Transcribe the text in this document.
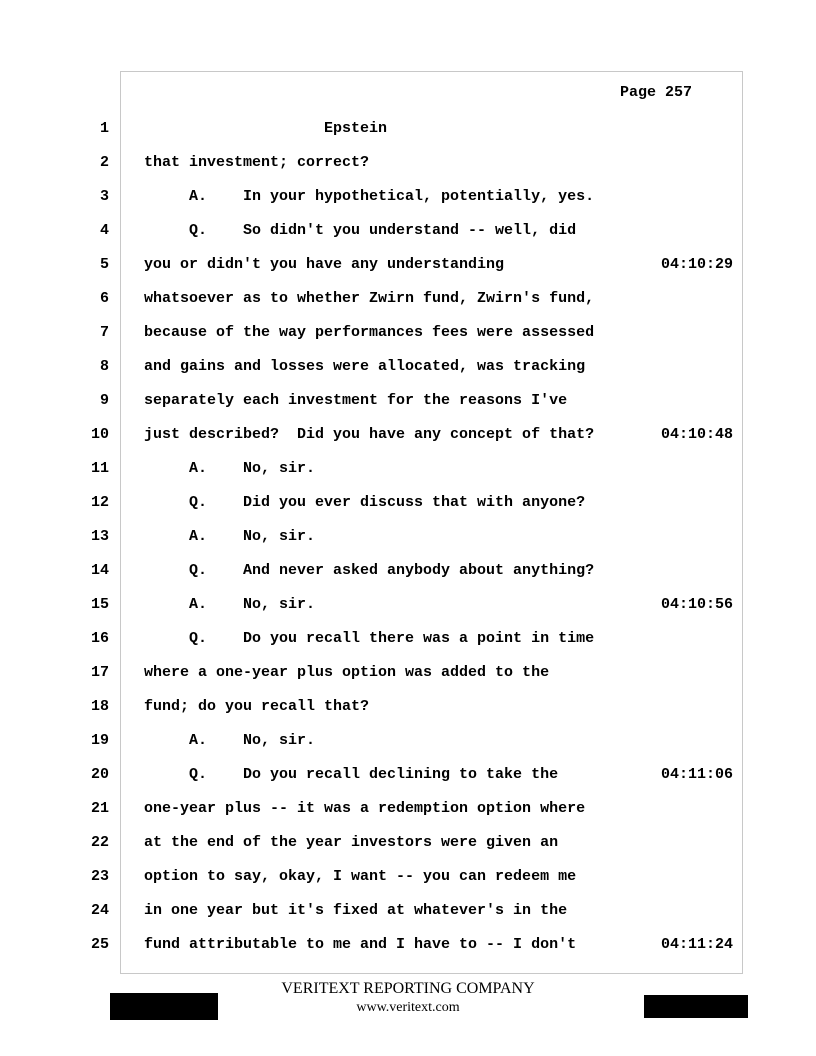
Page 257
1 Epstein
2 that investment; correct?
3 A.    In your hypothetical, potentially, yes.
4 Q.    So didn't you understand -- well, did
5 you or didn't you have any understanding	04:10:29
6 whatsoever as to whether Zwirn fund, Zwirn's fund,
7 because of the way performances fees were assessed
8 and gains and losses were allocated, was tracking
9 separately each investment for the reasons I've
10 just described?  Did you have any concept of that?	04:10:48
11 A.    No, sir.
12 Q.    Did you ever discuss that with anyone?
13 A.    No, sir.
14 Q.    And never asked anybody about anything?
15 A.    No, sir.	04:10:56
16 Q.    Do you recall there was a point in time
17 where a one-year plus option was added to the
18 fund; do you recall that?
19 A.    No, sir.
20 Q.    Do you recall declining to take the	04:11:06
21 one-year plus -- it was a redemption option where
22 at the end of the year investors were given an
23 option to say, okay, I want -- you can redeem me
24 in one year but it's fixed at whatever's in the
25 fund attributable to me and I have to -- I don't	04:11:24
VERITEXT REPORTING COMPANY
www.veritext.com
